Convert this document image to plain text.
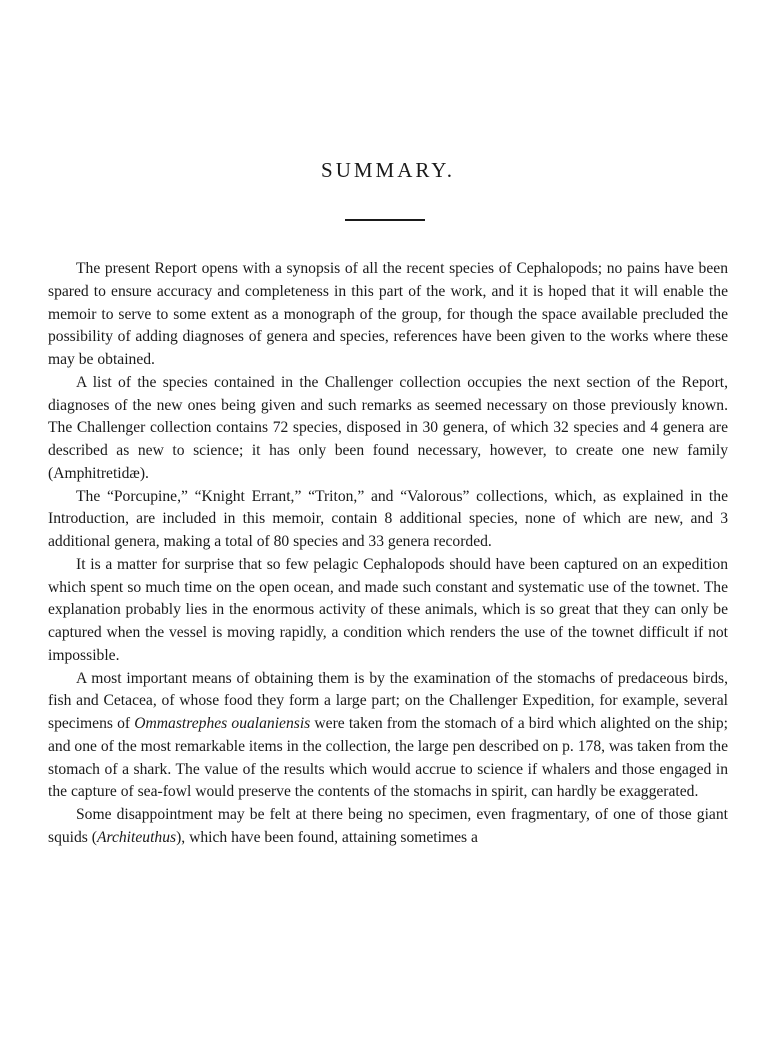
SUMMARY.

The present Report opens with a synopsis of all the recent species of Cephalopods; no pains have been spared to ensure accuracy and completeness in this part of the work, and it is hoped that it will enable the memoir to serve to some extent as a monograph of the group, for though the space available precluded the possibility of adding diagnoses of genera and species, references have been given to the works where these may be obtained.

A list of the species contained in the Challenger collection occupies the next section of the Report, diagnoses of the new ones being given and such remarks as seemed necessary on those previously known. The Challenger collection contains 72 species, disposed in 30 genera, of which 32 species and 4 genera are described as new to science; it has only been found necessary, however, to create one new family (Amphitretidæ).

The “Porcupine,” “Knight Errant,” “Triton,” and “Valorous” collections, which, as explained in the Introduction, are included in this memoir, contain 8 additional species, none of which are new, and 3 additional genera, making a total of 80 species and 33 genera recorded.

It is a matter for surprise that so few pelagic Cephalopods should have been captured on an expedition which spent so much time on the open ocean, and made such constant and systematic use of the townet. The explanation probably lies in the enormous activity of these animals, which is so great that they can only be captured when the vessel is moving rapidly, a condition which renders the use of the townet difficult if not impossible.

A most important means of obtaining them is by the examination of the stomachs of predaceous birds, fish and Cetacea, of whose food they form a large part; on the Challenger Expedition, for example, several specimens of Ommastrephes oualaniensis were taken from the stomach of a bird which alighted on the ship; and one of the most remarkable items in the collection, the large pen described on p. 178, was taken from the stomach of a shark. The value of the results which would accrue to science if whalers and those engaged in the capture of sea-fowl would preserve the contents of the stomachs in spirit, can hardly be exaggerated.

Some disappointment may be felt at there being no specimen, even fragmentary, of one of those giant squids (Architeuthus), which have been found, attaining sometimes a
